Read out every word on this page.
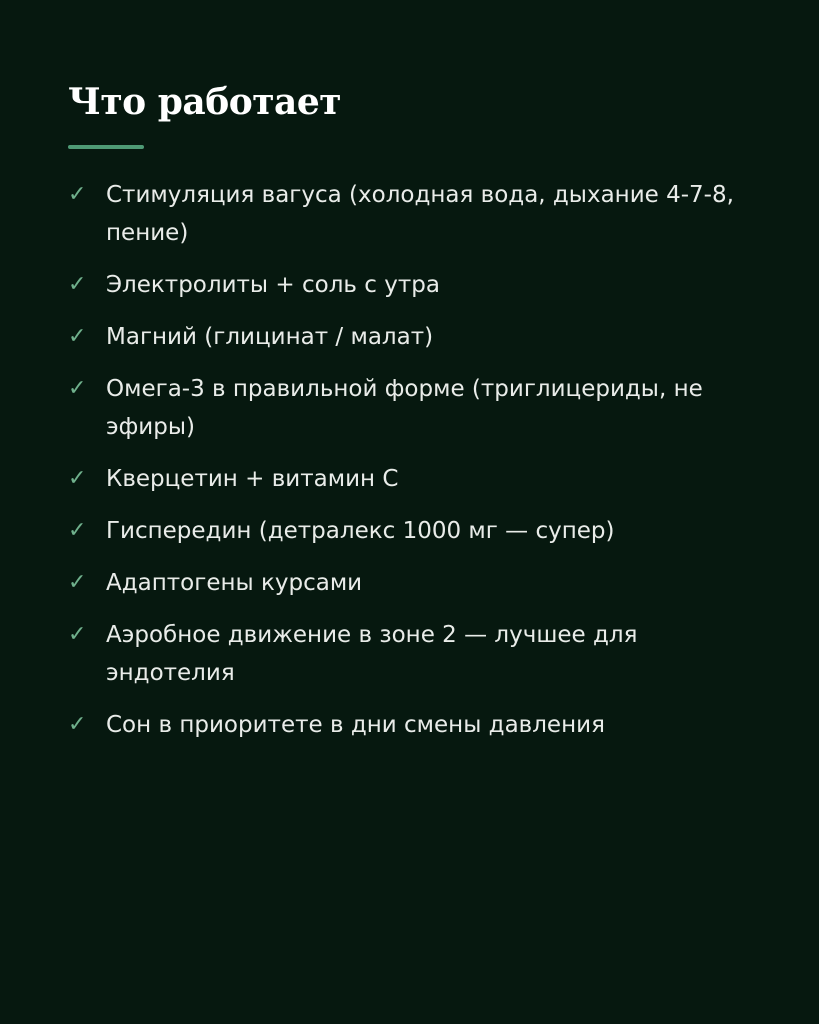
Что работает
✓ Стимуляция вагуса (холодная вода, дыхание 4-7-8, пение)
✓ Электролиты + соль с утра
✓ Магний (глицинат / малат)
✓ Омега-3 в правильной форме (триглицериды, не эфиры)
✓ Кверцетин + витамин С
✓ Гиспередин (детралекс 1000 мг — супер)
✓ Адаптогены курсами
✓ Аэробное движение в зоне 2 — лучшее для эндотелия
✓ Сон в приоритете в дни смены давления
